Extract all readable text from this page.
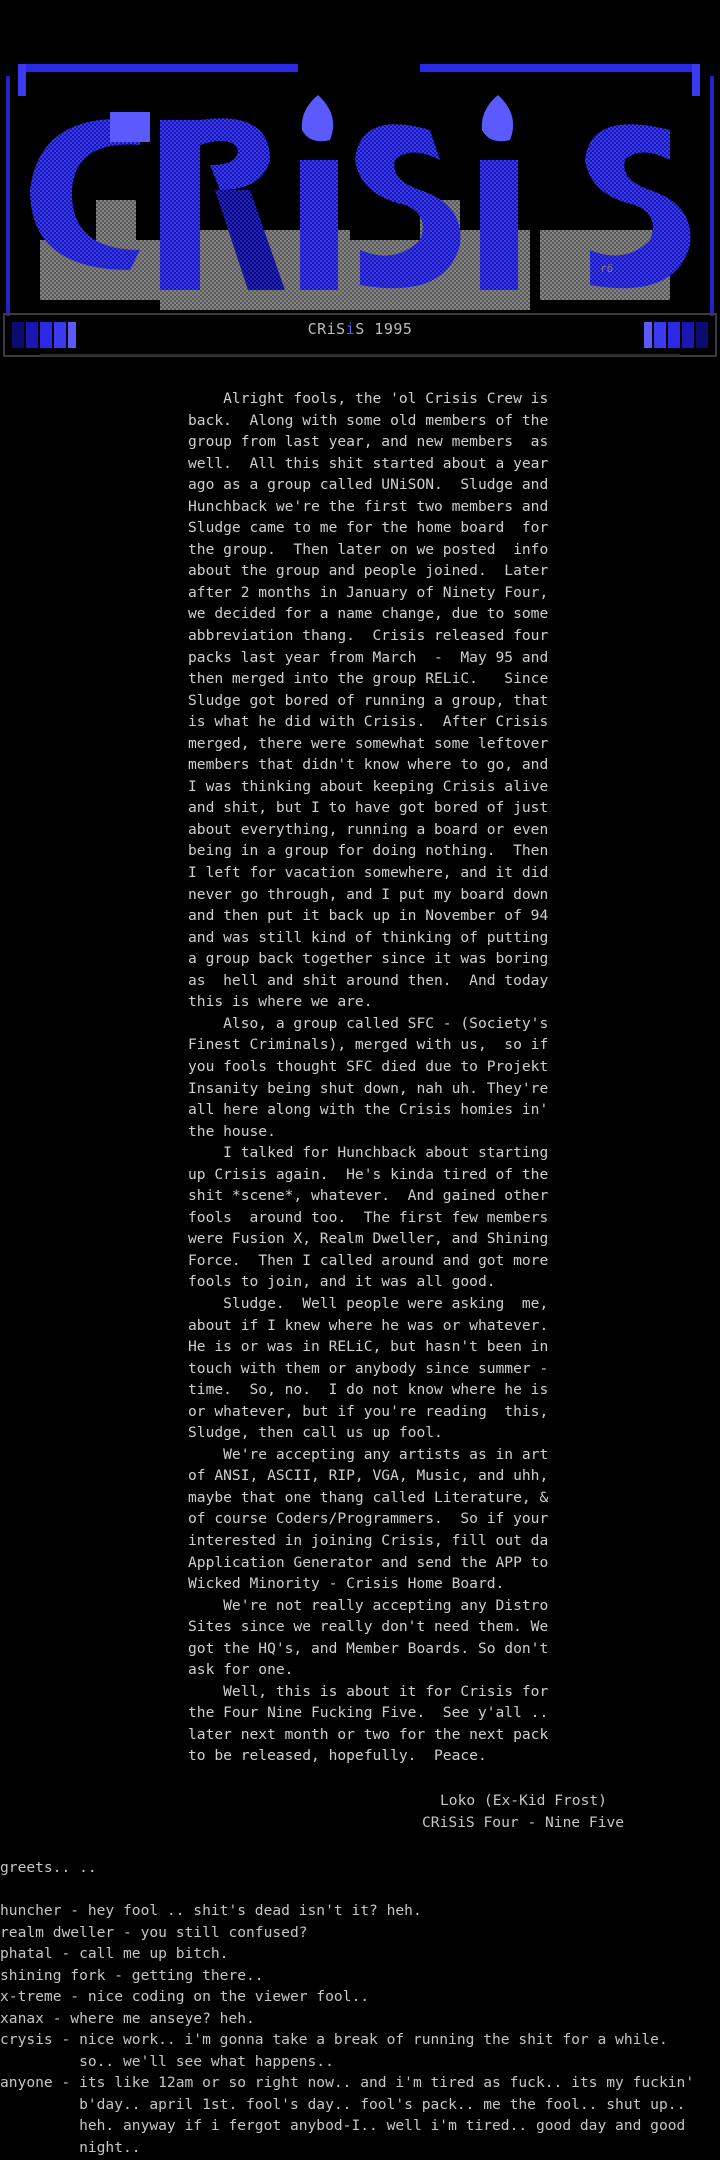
rö
CRiSiS 1995
Alright fools, the 'ol Crisis Crew is
back.  Along with some old members of the
group from last year, and new members  as
well.  All this shit started about a year
ago as a group called UNiSON.  Sludge and
Hunchback we're the first two members and
Sludge came to me for the home board  for
the group.  Then later on we posted  info
about the group and people joined.  Later
after 2 months in January of Ninety Four,
we decided for a name change, due to some
abbreviation thang.  Crisis released four
packs last year from March  -  May 95 and
then merged into the group RELiC.   Since
Sludge got bored of running a group, that
is what he did with Crisis.  After Crisis
merged, there were somewhat some leftover
members that didn't know where to go, and
I was thinking about keeping Crisis alive
and shit, but I to have got bored of just
about everything, running a board or even
being in a group for doing nothing.  Then
I left for vacation somewhere, and it did
never go through, and I put my board down
and then put it back up in November of 94
and was still kind of thinking of putting
a group back together since it was boring
as  hell and shit around then.  And today
this is where we are.
Also, a group called SFC - (Society's
Finest Criminals), merged with us,  so if
you fools thought SFC died due to Projekt
Insanity being shut down, nah uh. They're
all here along with the Crisis homies in'
the house.
I talked for Hunchback about starting
up Crisis again.  He's kinda tired of the
shit *scene*, whatever.  And gained other
fools  around too.  The first few members
were Fusion X, Realm Dweller, and Shining
Force.  Then I called around and got more
fools to join, and it was all good.
Sludge.  Well people were asking  me,
about if I knew where he was or whatever.
He is or was in RELiC, but hasn't been in
touch with them or anybody since summer -
time.  So, no.  I do not know where he is
or whatever, but if you're reading  this,
Sludge, then call us up fool.
We're accepting any artists as in art
of ANSI, ASCII, RIP, VGA, Music, and uhh,
maybe that one thang called Literature, &
of course Coders/Programmers.  So if your
interested in joining Crisis, fill out da
Application Generator and send the APP to
Wicked Minority - Crisis Home Board.
We're not really accepting any Distro
Sites since we really don't need them. We
got the HQ's, and Member Boards. So don't
ask for one.
Well, this is about it for Crisis for
the Four Nine Fucking Five.  See y'all ..
later next month or two for the next pack
to be released, hopefully.  Peace.
Loko (Ex-Kid Frost)
CRiSiS Four - Nine Five
greets.. ..
huncher - hey fool .. shit's dead isn't it? heh.
realm dweller - you still confused?
phatal - call me up bitch.
shining fork - getting there..
x-treme - nice coding on the viewer fool..
xanax - where me anseye? heh.
crysis - nice work.. i'm gonna take a break of running the shit for a while.
so.. we'll see what happens..
anyone - its like 12am or so right now.. and i'm tired as fuck.. its my fuckin'
b'day.. april 1st. fool's day.. fool's pack.. me the fool.. shut up..
heh. anyway if i fergot anybod-I.. well i'm tired.. good day and good
night..
